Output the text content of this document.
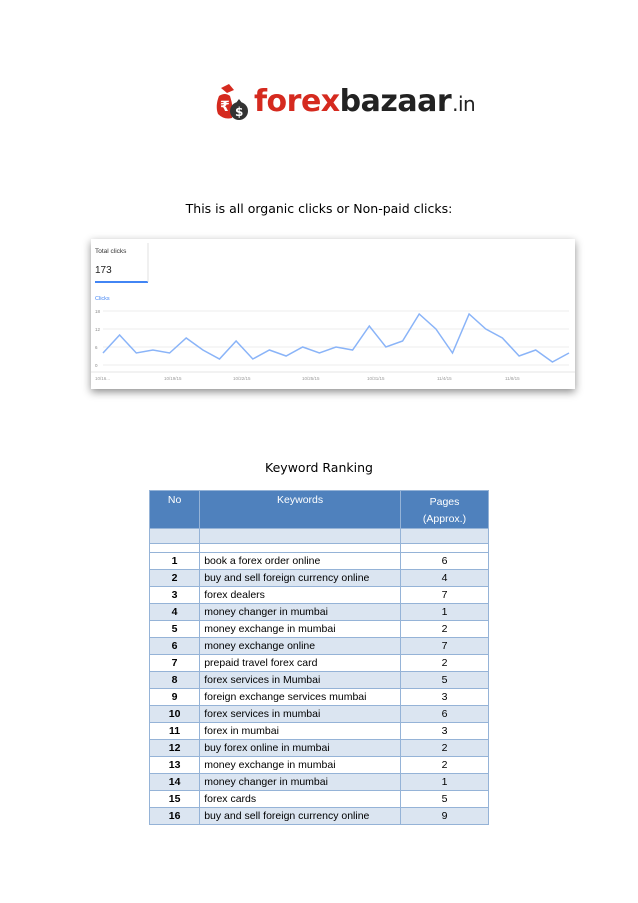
₹ $ forexbazaar.in
This is all organic clicks or Non-paid clicks:
Total clicks
173
Clicks
18
12
6
0
10/16...	10/19/15	10/22/15	10/25/15	10/31/15	11/4/15	11/8/15
Keyword Ranking
No	Keywords	Pages
(Approx.)

1	book a forex order online	6
2	buy and sell foreign currency online	4
3	forex dealers	7
4	money changer in mumbai	1
5	money exchange in mumbai	2
6	money exchange online	7
7	prepaid travel forex card	2
8	forex services in Mumbai	5
9	foreign exchange services mumbai	3
10	forex services in mumbai	6
11	forex in mumbai	3
12	buy forex online in mumbai	2
13	money exchange in mumbai	2
14	money changer in mumbai	1
15	forex cards	5
16	buy and sell foreign currency online	9
